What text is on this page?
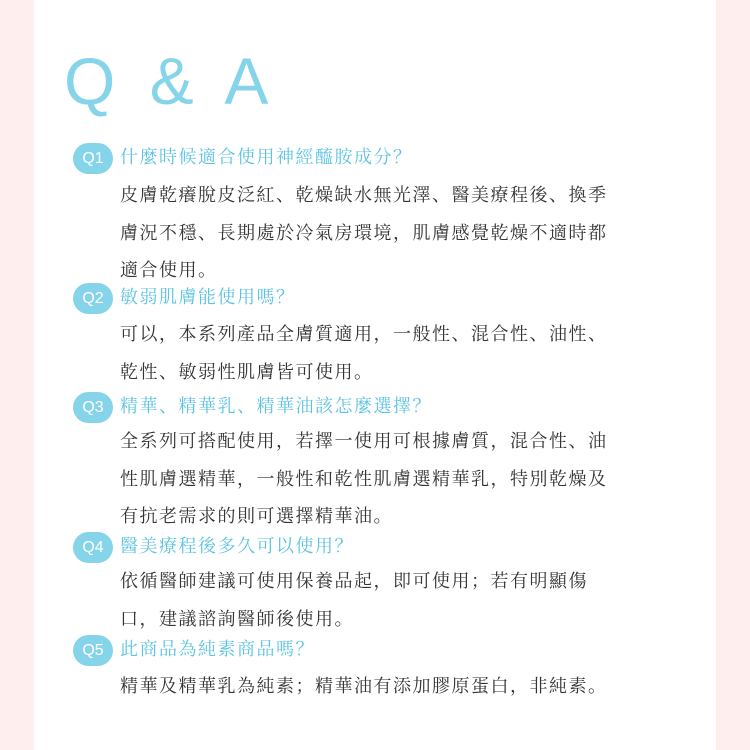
Q & A
Q1 什麼時候適合使用神經醯胺成分？
皮膚乾癢脫皮泛紅、乾燥缺水無光澤、醫美療程後、換季
膚況不穩、長期處於冷氣房環境，肌膚感覺乾燥不適時都
適合使用。
Q2 敏弱肌膚能使用嗎？
可以，本系列產品全膚質適用，一般性、混合性、油性、
乾性、敏弱性肌膚皆可使用。
Q3 精華、精華乳、精華油該怎麼選擇？
全系列可搭配使用，若擇一使用可根據膚質，混合性、油
性肌膚選精華，一般性和乾性肌膚選精華乳，特別乾燥及
有抗老需求的則可選擇精華油。
Q4 醫美療程後多久可以使用？
依循醫師建議可使用保養品起，即可使用；若有明顯傷
口，建議諮詢醫師後使用。
Q5 此商品為純素商品嗎？
精華及精華乳為純素；精華油有添加膠原蛋白，非純素。
